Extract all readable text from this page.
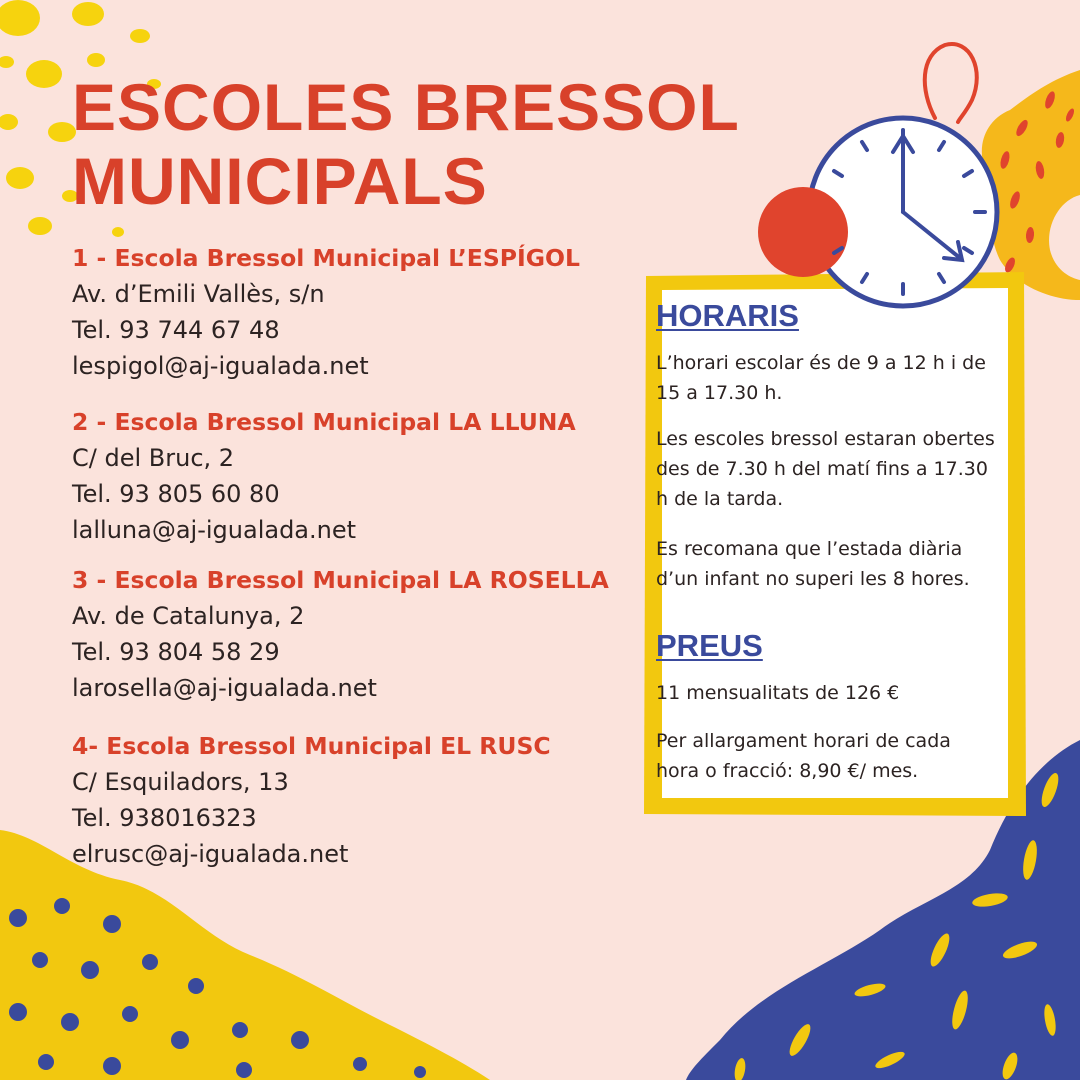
ESCOLES BRESSOL
MUNICIPALS
1 - Escola Bressol Municipal L’ESPÍGOL
Av. d’Emili Vallès, s/n
Tel. 93 744 67 48
lespigol@aj-igualada.net
2 - Escola Bressol Municipal LA LLUNA
C/ del Bruc, 2
Tel. 93 805 60 80
lalluna@aj-igualada.net
3 - Escola Bressol Municipal LA ROSELLA
Av. de Catalunya, 2
Tel. 93 804 58 29
larosella@aj-igualada.net
4- Escola Bressol Municipal EL RUSC
C/ Esquiladors, 13
Tel. 938016323
elrusc@aj-igualada.net
HORARIS

L’horari escolar és de 9 a 12 h i de 15 a 17.30 h.

Les escoles bressol estaran obertes des de 7.30 h del matí fins a 17.30 h de la tarda.

Es recomana que l’estada diària d’un infant no superi les 8 hores.

PREUS

11 mensualitats de 126 €

Per allargament horari de cada hora o fracció: 8,90 €/ mes.
